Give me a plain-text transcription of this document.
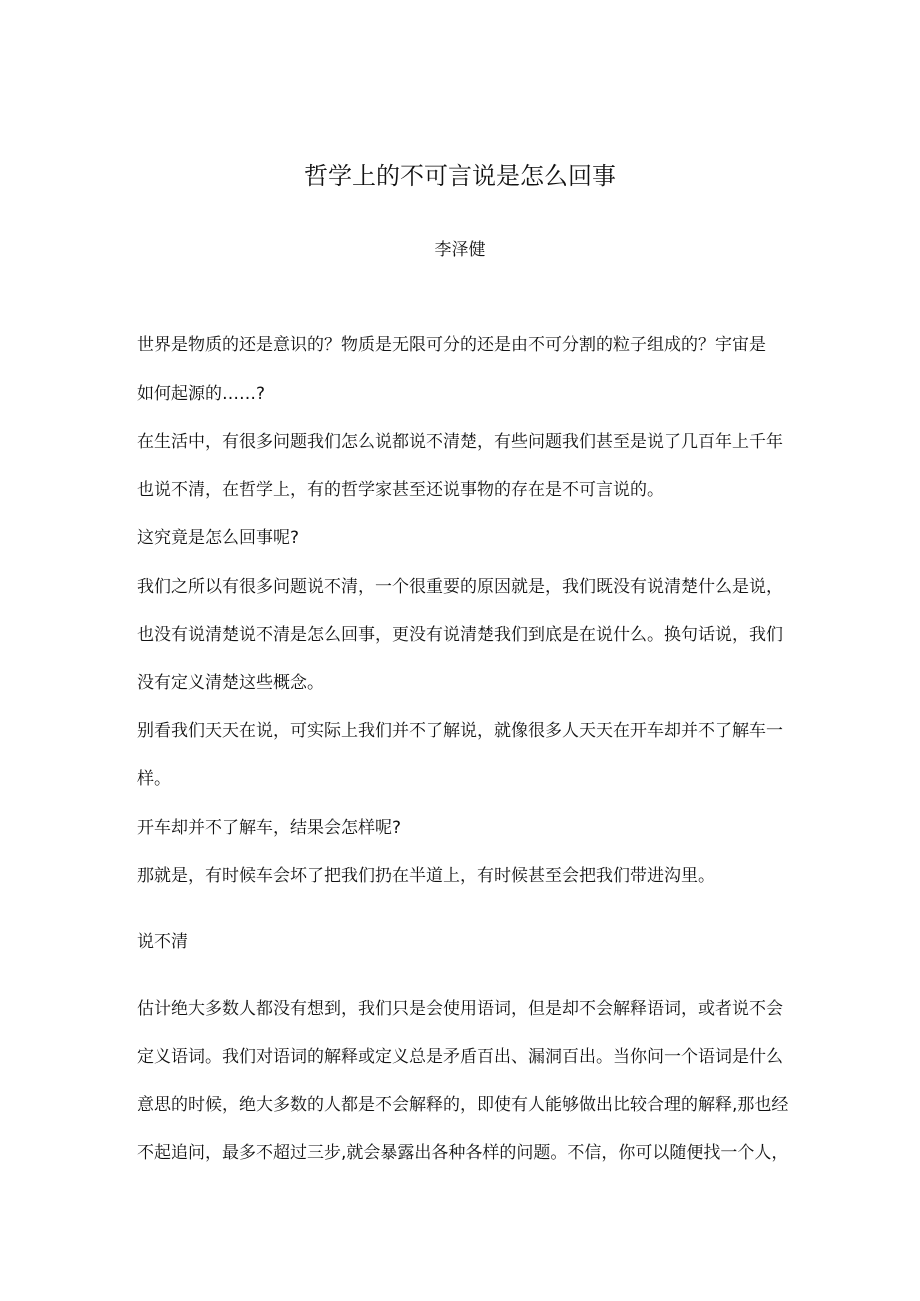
哲学上的不可言说是怎么回事
李泽健
世界是物质的还是意识的？物质是无限可分的还是由不可分割的粒子组成的？宇宙是
如何起源的……?
在生活中，有很多问题我们怎么说都说不清楚，有些问题我们甚至是说了几百年上千年
也说不清，在哲学上，有的哲学家甚至还说事物的存在是不可言说的。
这究竟是怎么回事呢?
我们之所以有很多问题说不清，一个很重要的原因就是，我们既没有说清楚什么是说，
也没有说清楚说不清是怎么回事，更没有说清楚我们到底是在说什么。换句话说，我们
没有定义清楚这些概念。
别看我们天天在说，可实际上我们并不了解说，就像很多人天天在开车却并不了解车一
样。
开车却并不了解车，结果会怎样呢?
那就是，有时候车会坏了把我们扔在半道上，有时候甚至会把我们带进沟里。
说不清
估计绝大多数人都没有想到，我们只是会使用语词，但是却不会解释语词，或者说不会
定义语词。我们对语词的解释或定义总是矛盾百出、漏洞百出。当你问一个语词是什么
意思的时候，绝大多数的人都是不会解释的，即使有人能够做出比较合理的解释,那也经
不起追问，最多不超过三步,就会暴露出各种各样的问题。不信，你可以随便找一个人，
